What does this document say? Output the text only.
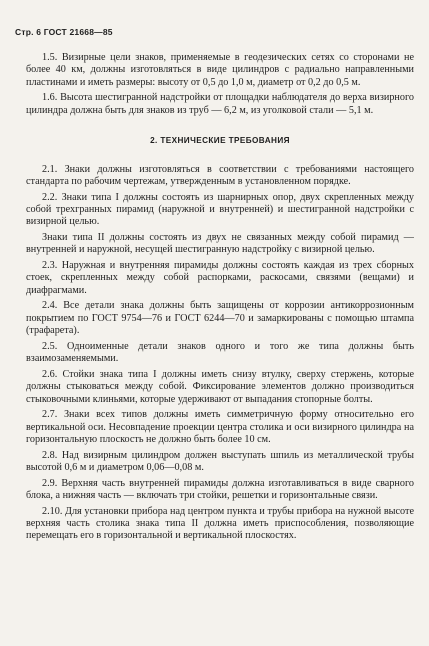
Стр. 6 ГОСТ 21668—85

1.5. Визирные цели знаков, применяемые в геодезических сетях со сторонами не более 40 км, должны изготовляться в виде цилиндров с радиально направленными пластинами и иметь размеры: высоту от 0,5 до 1,0 м, диаметр от 0,2 до 0,5 м.

1.6. Высота шестигранной надстройки от площадки наблюдателя до верха визирного цилиндра должна быть для знаков из труб — 6,2 м, из уголковой стали — 5,1 м.

2. ТЕХНИЧЕСКИЕ ТРЕБОВАНИЯ

2.1. Знаки должны изготовляться в соответствии с требованиями настоящего стандарта по рабочим чертежам, утвержденным в установленном порядке.

2.2. Знаки типа I должны состоять из шарнирных опор, двух скрепленных между собой трехгранных пирамид (наружной и внутренней) и шестигранной надстройки с визирной целью.

Знаки типа II должны состоять из двух не связанных между собой пирамид — внутренней и наружной, несущей шестигранную надстройку с визирной целью.

2.3. Наружная и внутренняя пирамиды должны состоять каждая из трех сборных стоек, скрепленных между собой распорками, раскосами, связями (вещами) и диафрагмами.

2.4. Все детали знака должны быть защищены от коррозии антикоррозионным покрытием по ГОСТ 9754—76 и ГОСТ 6244—70 и замаркированы с помощью штампа (трафарета).

2.5. Одноименные детали знаков одного и того же типа должны быть взаимозаменяемыми.

2.6. Стойки знака типа I должны иметь снизу втулку, сверху стержень, которые должны стыковаться между собой. Фиксирование элементов должно производиться стыковочными клиньями, которые удерживают от выпадания стопорные болты.

2.7. Знаки всех типов должны иметь симметричную форму относительно его вертикальной оси. Несовпадение проекции центра столика и оси визирного цилиндра на горизонтальную плоскость не должно быть более 10 см.

2.8. Над визирным цилиндром должен выступать шпиль из металлической трубы высотой 0,6 м и диаметром 0,06—0,08 м.

2.9. Верхняя часть внутренней пирамиды должна изготавливаться в виде сварного блока, а нижняя часть — включать три стойки, решетки и горизонтальные связи.

2.10. Для установки прибора над центром пункта и трубы прибора на нужной высоте верхняя часть столика знака типа II должна иметь приспособления, позволяющие перемещать его в горизонтальной и вертикальной плоскостях.
